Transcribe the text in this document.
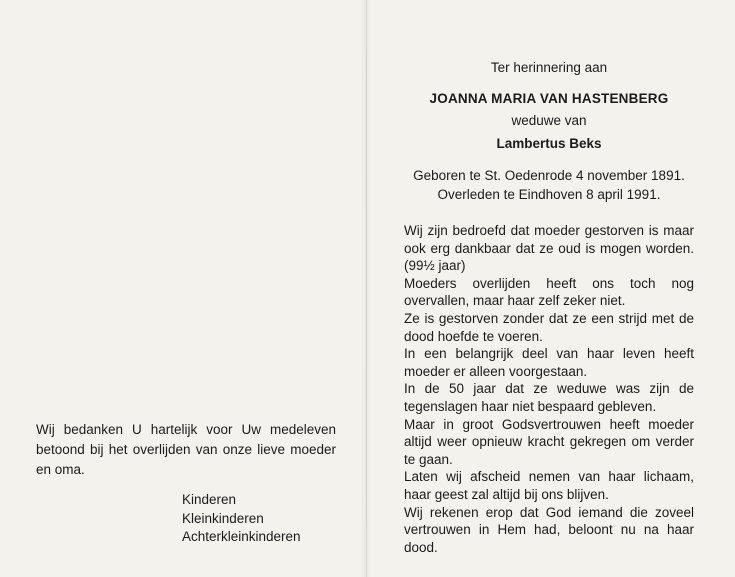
Wij bedanken U hartelijk voor Uw medeleven betoond bij het overlijden van onze lieve moeder en oma.

Kinderen
Kleinkinderen
Achterkleinkinderen
Ter herinnering aan
JOANNA MARIA VAN HASTENBERG
weduwe van
Lambertus Beks
Geboren te St. Oedenrode 4 november 1891.
Overleden te Eindhoven 8 april 1991.

Wij zijn bedroefd dat moeder gestorven is maar ook erg dankbaar dat ze oud is mogen worden. (99½ jaar)

Moeders overlijden heeft ons toch nog overvallen, maar haar zelf zeker niet.

Ze is gestorven zonder dat ze een strijd met de dood hoefde te voeren.

In een belangrijk deel van haar leven heeft moeder er alleen voorgestaan.

In de 50 jaar dat ze weduwe was zijn de tegenslagen haar niet bespaard gebleven.

Maar in groot Godsvertrouwen heeft moeder altijd weer opnieuw kracht gekregen om verder te gaan.

Laten wij afscheid nemen van haar lichaam, haar geest zal altijd bij ons blijven.

Wij rekenen erop dat God iemand die zoveel vertrouwen in Hem had, beloont nu na haar dood.
